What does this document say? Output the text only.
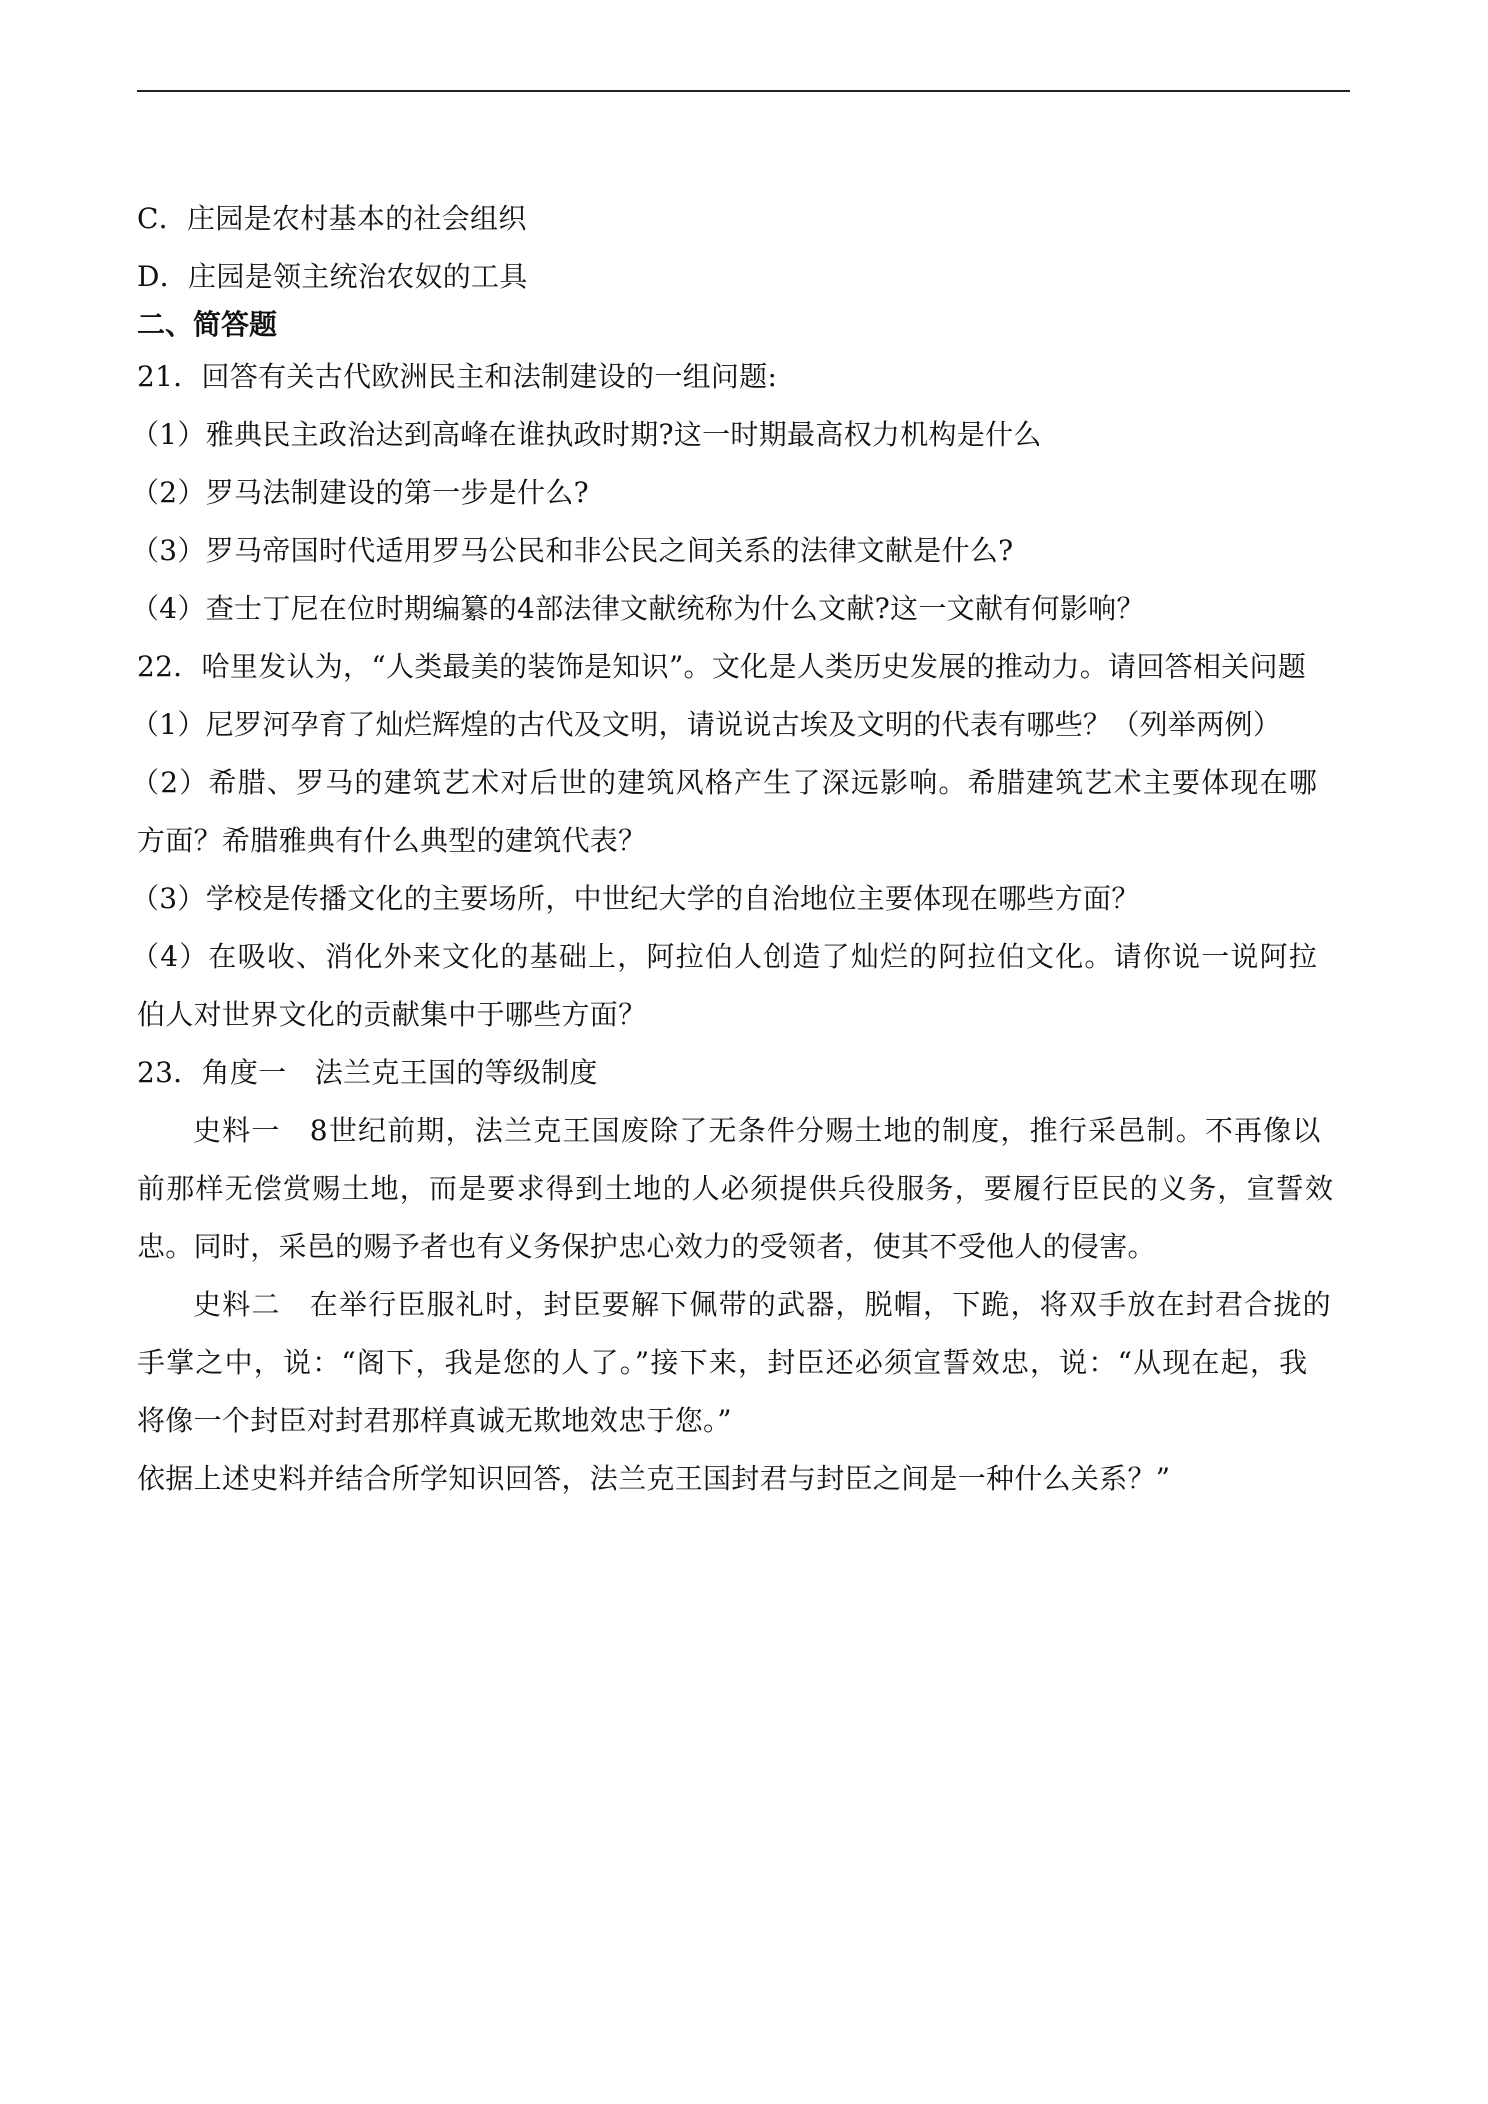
C．庄园是农村基本的社会组织
D．庄园是领主统治农奴的工具
二、简答题
21．回答有关古代欧洲民主和法制建设的一组问题:
（1）雅典民主政治达到高峰在谁执政时期?这一时期最高权力机构是什么
（2）罗马法制建设的第一步是什么?
（3）罗马帝国时代适用罗马公民和非公民之间关系的法律文献是什么?
（4）查士丁尼在位时期编纂的4部法律文献统称为什么文献?这一文献有何影响？
22．哈里发认为，“人类最美的装饰是知识”。文化是人类历史发展的推动力。请回答相关问题
（1）尼罗河孕育了灿烂辉煌的古代及文明，请说说古埃及文明的代表有哪些？（列举两例）
（2）希腊、罗马的建筑艺术对后世的建筑风格产生了深远影响。希腊建筑艺术主要体现在哪
方面？希腊雅典有什么典型的建筑代表？
（3）学校是传播文化的主要场所，中世纪大学的自治地位主要体现在哪些方面？
（4）在吸收、消化外来文化的基础上，阿拉伯人创造了灿烂的阿拉伯文化。请你说一说阿拉
伯人对世界文化的贡献集中于哪些方面？
23．角度一　法兰克王国的等级制度
史料一　8世纪前期，法兰克王国废除了无条件分赐土地的制度，推行采邑制。不再像以
前那样无偿赏赐土地，而是要求得到土地的人必须提供兵役服务，要履行臣民的义务，宣誓效
忠。同时，采邑的赐予者也有义务保护忠心效力的受领者，使其不受他人的侵害。
史料二　在举行臣服礼时，封臣要解下佩带的武器，脱帽，下跪，将双手放在封君合拢的
手掌之中，说：“阁下，我是您的人了。”接下来，封臣还必须宣誓效忠，说：“从现在起，我
将像一个封臣对封君那样真诚无欺地效忠于您。”
依据上述史料并结合所学知识回答，法兰克王国封君与封臣之间是一种什么关系？”
